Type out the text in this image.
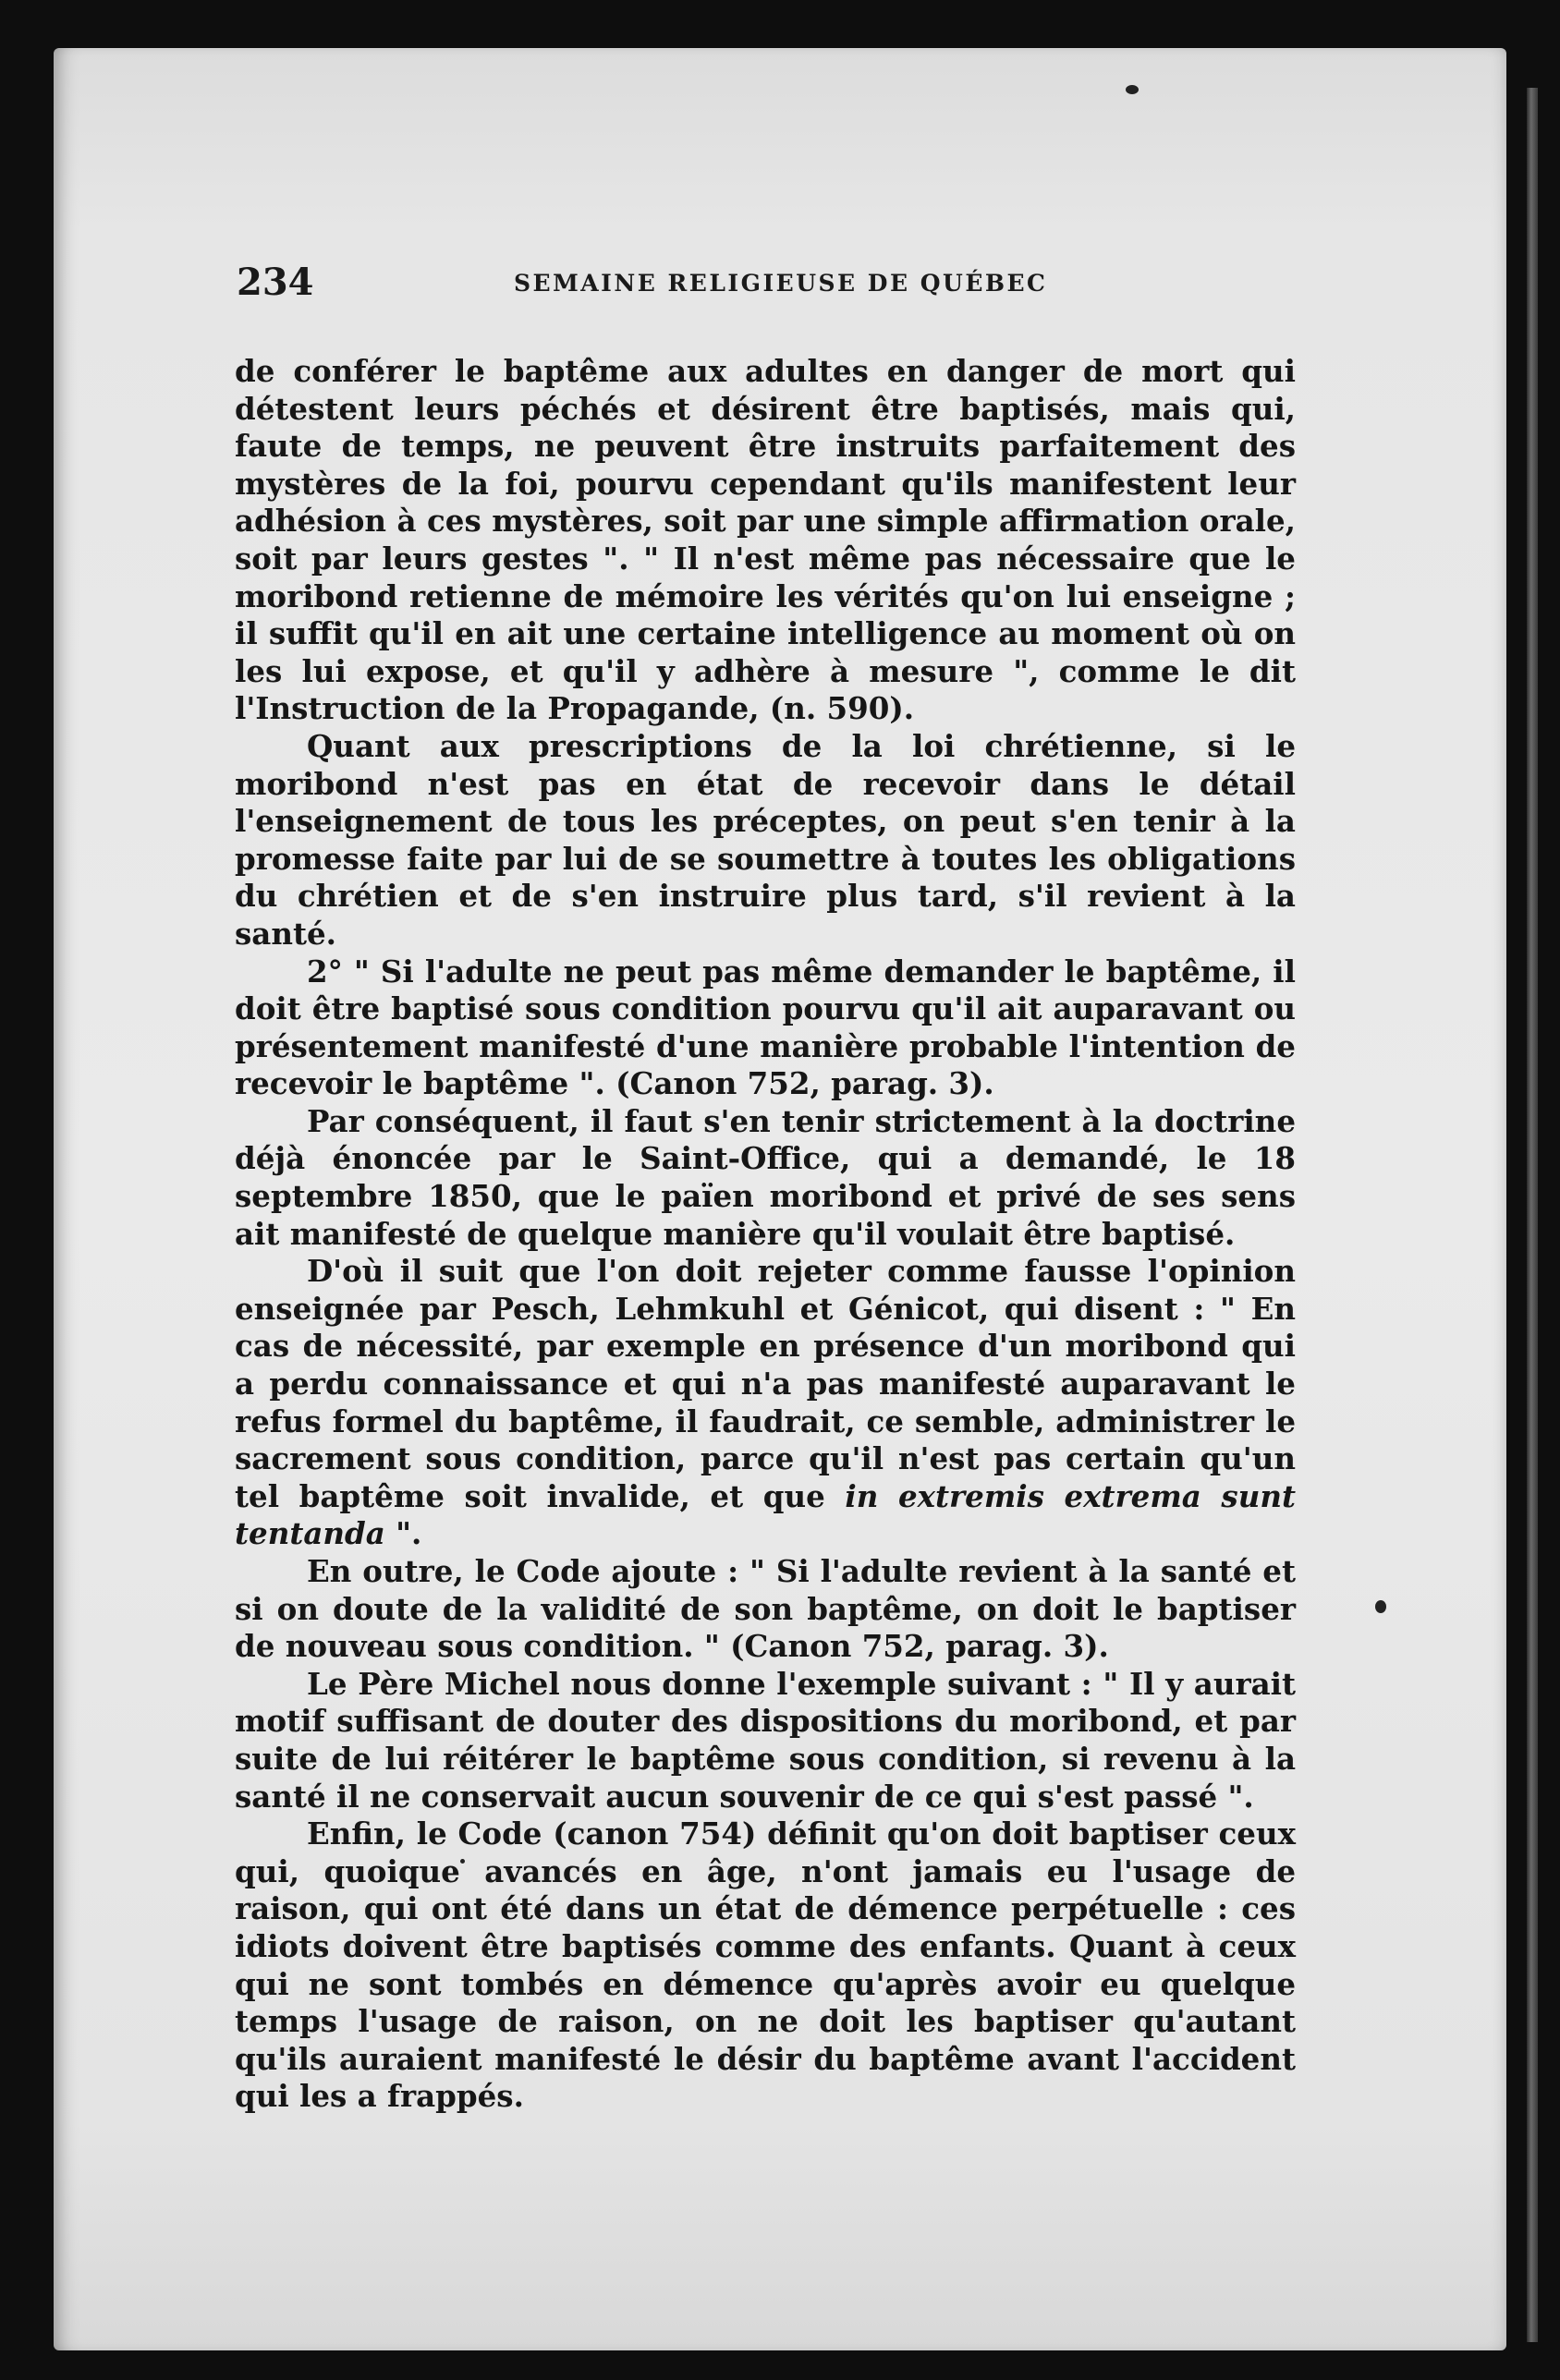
234	SEMAINE RELIGIEUSE DE QUÉBEC

de conférer le baptême aux adultes en danger de mort qui détestent leurs péchés et désirent être baptisés, mais qui, faute de temps, ne peuvent être instruits parfaitement des mystères de la foi, pourvu cependant qu'ils manifestent leur adhésion à ces mystères, soit par une simple affirmation orale, soit par leurs gestes ". " Il n'est même pas nécessaire que le moribond retienne de mémoire les vérités qu'on lui enseigne ; il suffit qu'il en ait une certaine intelligence au moment où on les lui expose, et qu'il y adhère à mesure ", comme le dit l'Instruction de la Propagande, (n. 590).

Quant aux prescriptions de la loi chrétienne, si le moribond n'est pas en état de recevoir dans le détail l'enseignement de tous les préceptes, on peut s'en tenir à la promesse faite par lui de se soumettre à toutes les obligations du chrétien et de s'en instruire plus tard, s'il revient à la santé.

2° " Si l'adulte ne peut pas même demander le baptême, il doit être baptisé sous condition pourvu qu'il ait auparavant ou présentement manifesté d'une manière probable l'intention de recevoir le baptême ". (Canon 752, parag. 3).

Par conséquent, il faut s'en tenir strictement à la doctrine déjà énoncée par le Saint-Office, qui a demandé, le 18 septembre 1850, que le païen moribond et privé de ses sens ait manifesté de quelque manière qu'il voulait être baptisé.

D'où il suit que l'on doit rejeter comme fausse l'opinion enseignée par Pesch, Lehmkuhl et Génicot, qui disent : " En cas de nécessité, par exemple en présence d'un moribond qui a perdu connaissance et qui n'a pas manifesté auparavant le refus formel du baptême, il faudrait, ce semble, administrer le sacrement sous condition, parce qu'il n'est pas certain qu'un tel baptême soit invalide, et que in extremis extrema sunt tentanda ".

En outre, le Code ajoute : " Si l'adulte revient à la santé et si on doute de la validité de son baptême, on doit le baptiser de nouveau sous condition. " (Canon 752, parag. 3).

Le Père Michel nous donne l'exemple suivant : " Il y aurait motif suffisant de douter des dispositions du moribond, et par suite de lui réitérer le baptême sous condition, si revenu à la santé il ne conservait aucun souvenir de ce qui s'est passé ".

Enfin, le Code (canon 754) définit qu'on doit baptiser ceux qui, quoique avancés en âge, n'ont jamais eu l'usage de raison, qui ont été dans un état de démence perpétuelle : ces idiots doivent être baptisés comme des enfants. Quant à ceux qui ne sont tombés en démence qu'après avoir eu quelque temps l'usage de raison, on ne doit les baptiser qu'autant qu'ils auraient manifesté le désir du baptême avant l'accident qui les a frappés.
